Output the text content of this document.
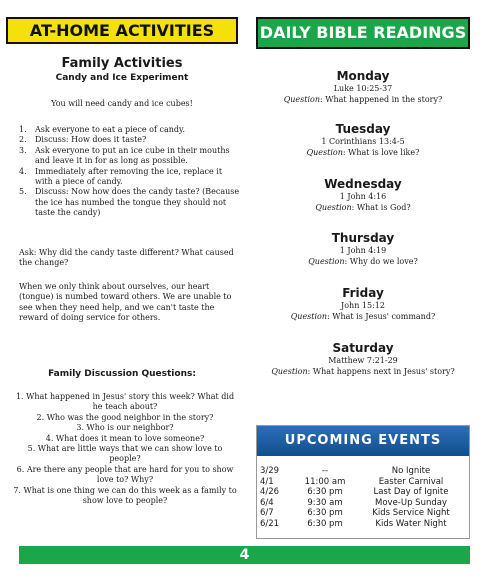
AT-HOME ACTIVITIES
Family Activities
Candy and Ice Experiment
You will need candy and ice cubes!
1. Ask everyone to eat a piece of candy.
2. Discuss: How does it taste?
3. Ask everyone to put an ice cube in their mouths and leave it in for as long as possible.
4. Immediately after removing the ice, replace it with a piece of candy.
5. Discuss: Now how does the candy taste? (Because the ice has numbed the tongue they should not taste the candy)
Ask: Why did the candy taste different? What caused the change?
When we only think about ourselves, our heart (tongue) is numbed toward others. We are unable to see when they need help, and we can't taste the reward of doing service for others.
Family Discussion Questions:
1. What happened in Jesus' story this week? What did he teach about?
2. Who was the good neighbor in the story?
3. Who is our neighbor?
4. What does it mean to love someone?
5. What are little ways that we can show love to people?
6. Are there any people that are hard for you to show love to? Why?
7. What is one thing we can do this week as a family to show love to people?
DAILY BIBLE READINGS
Monday
Luke 10:25-37
Question: What happened in the story?
Tuesday
1 Corinthians 13:4-5
Question: What is love like?
Wednesday
1 John 4:16
Question: What is God?
Thursday
1 John 4:19
Question: Why do we love?
Friday
John 15:12
Question: What is Jesus' command?
Saturday
Matthew 7:21-29
Question: What happens next in Jesus' story?
UPCOMING EVENTS
3/29	--	No Ignite
4/1	11:00 am	Easter Carnival
4/26	6:30 pm	Last Day of Ignite
6/4	9:30 am	Move-Up Sunday
6/7	6:30 pm	Kids Service Night
6/21	6:30 pm	Kids Water Night
4
